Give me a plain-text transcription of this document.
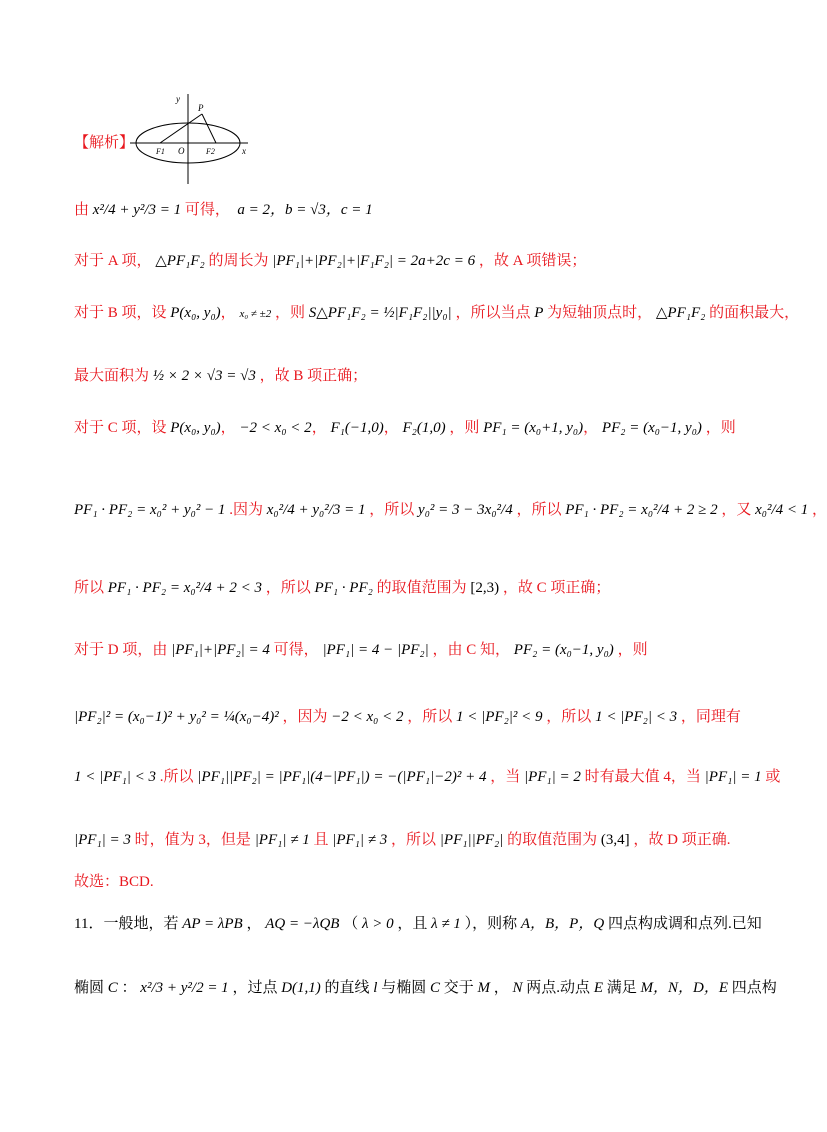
y
P
F1 O	F2	x
【解析】
由 x²/4 + y²/3 = 1 可得， a = 2，b = √3，c = 1
对于 A 项， △PF₁F₂ 的周长为 |PF₁|+|PF₂|+|F₁F₂| = 2a+2c = 6 ，故 A 项错误；
对于 B 项，设 P(x₀, y₀)， x₀ ≠ ±2 ，则 S△PF₁F₂ = ½|F₁F₂||y₀| ，所以当点 P 为短轴顶点时， △PF₁F₂ 的面积最大，
最大面积为 ½ × 2 × √3 = √3 ，故 B 项正确；
对于 C 项，设 P(x₀, y₀)， −2 < x₀ < 2， F₁(−1,0)， F₂(1,0) ，则 PF₁ = (x₀+1, y₀)， PF₂ = (x₀−1, y₀) ，则
PF₁ · PF₂ = x₀² + y₀² − 1 .因为 x₀²/4 + y₀²/3 = 1 ，所以 y₀² = 3 − 3x₀²/4 ，所以 PF₁ · PF₂ = x₀²/4 + 2 ≥ 2 ，又 x₀²/4 < 1 ，
所以 PF₁ · PF₂ = x₀²/4 + 2 < 3 ，所以 PF₁ · PF₂ 的取值范围为 [2,3) ，故 C 项正确；
对于 D 项，由 |PF₁|+|PF₂| = 4 可得， |PF₁| = 4 − |PF₂| ，由 C 知， PF₂ = (x₀−1, y₀) ，则
|PF₂|² = (x₀−1)² + y₀² = ¼(x₀−4)² ，因为 −2 < x₀ < 2 ，所以 1 < |PF₂|² < 9 ，所以 1 < |PF₂| < 3 ，同理有
1 < |PF₁| < 3 .所以 |PF₁||PF₂| = |PF₁|(4−|PF₁|) = −(|PF₁|−2)² + 4 ，当 |PF₁| = 2 时有最大值 4，当 |PF₁| = 1 或
|PF₁| = 3 时，值为 3，但是 |PF₁| ≠ 1 且 |PF₁| ≠ 3 ，所以 |PF₁||PF₂| 的取值范围为 (3,4] ，故 D 项正确.
故选：BCD.
11．一般地，若 AP = λPB ， AQ = −λQB （ λ > 0 ，且 λ ≠ 1 ），则称 A，B，P，Q 四点构成调和点列.已知
椭圆 C ： x²/3 + y²/2 = 1 ，过点 D(1,1) 的直线 l 与椭圆 C 交于 M ， N 两点.动点 E 满足 M，N，D，E 四点构
